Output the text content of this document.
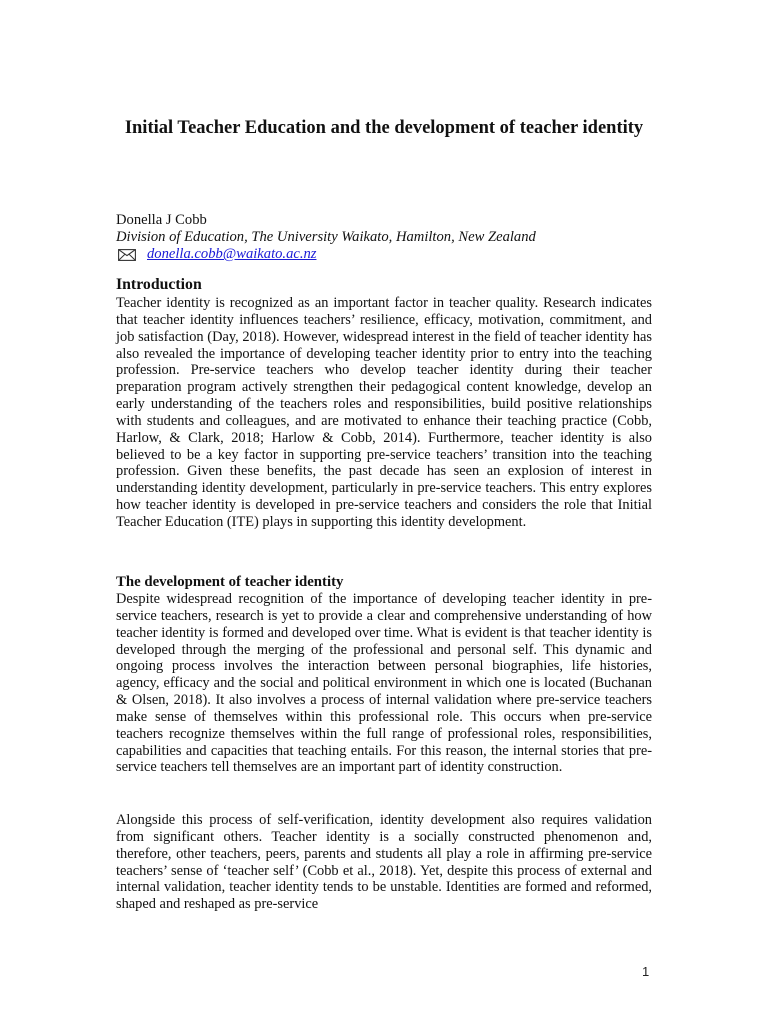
Initial Teacher Education and the development of teacher identity
Donella J Cobb
Division of Education, The University Waikato, Hamilton, New Zealand
donella.cobb@waikato.ac.nz
Introduction

Teacher identity is recognized as an important factor in teacher quality. Research indicates that teacher identity influences teachers’ resilience, efficacy, motivation, commitment, and job satisfaction (Day, 2018). However, widespread interest in the field of teacher identity has also revealed the importance of developing teacher identity prior to entry into the teaching profession. Pre-service teachers who develop teacher identity during their teacher preparation program actively strengthen their pedagogical content knowledge, develop an early understanding of the teachers roles and responsibilities, build positive relationships with students and colleagues, and are motivated to enhance their teaching practice (Cobb, Harlow, & Clark, 2018; Harlow & Cobb, 2014). Furthermore, teacher identity is also believed to be a key factor in supporting pre-service teachers’ transition into the teaching profession. Given these benefits, the past decade has seen an explosion of interest in understanding identity development, particularly in pre-service teachers. This entry explores how teacher identity is developed in pre-service teachers and considers the role that Initial Teacher Education (ITE) plays in supporting this identity development.

The development of teacher identity

Despite widespread recognition of the importance of developing teacher identity in pre-service teachers, research is yet to provide a clear and comprehensive understanding of how teacher identity is formed and developed over time. What is evident is that teacher identity is developed through the merging of the professional and personal self. This dynamic and ongoing process involves the interaction between personal biographies, life histories, agency, efficacy and the social and political environment in which one is located (Buchanan & Olsen, 2018). It also involves a process of internal validation where pre-service teachers make sense of themselves within this professional role. This occurs when pre-service teachers recognize themselves within the full range of professional roles, responsibilities, capabilities and capacities that teaching entails. For this reason, the internal stories that pre-service teachers tell themselves are an important part of identity construction.

Alongside this process of self-verification, identity development also requires validation from significant others. Teacher identity is a socially constructed phenomenon and, therefore, other teachers, peers, parents and students all play a role in affirming pre-service teachers’ sense of ‘teacher self’ (Cobb et al., 2018). Yet, despite this process of external and internal validation, teacher identity tends to be unstable. Identities are formed and reformed, shaped and reshaped as pre-service

1
